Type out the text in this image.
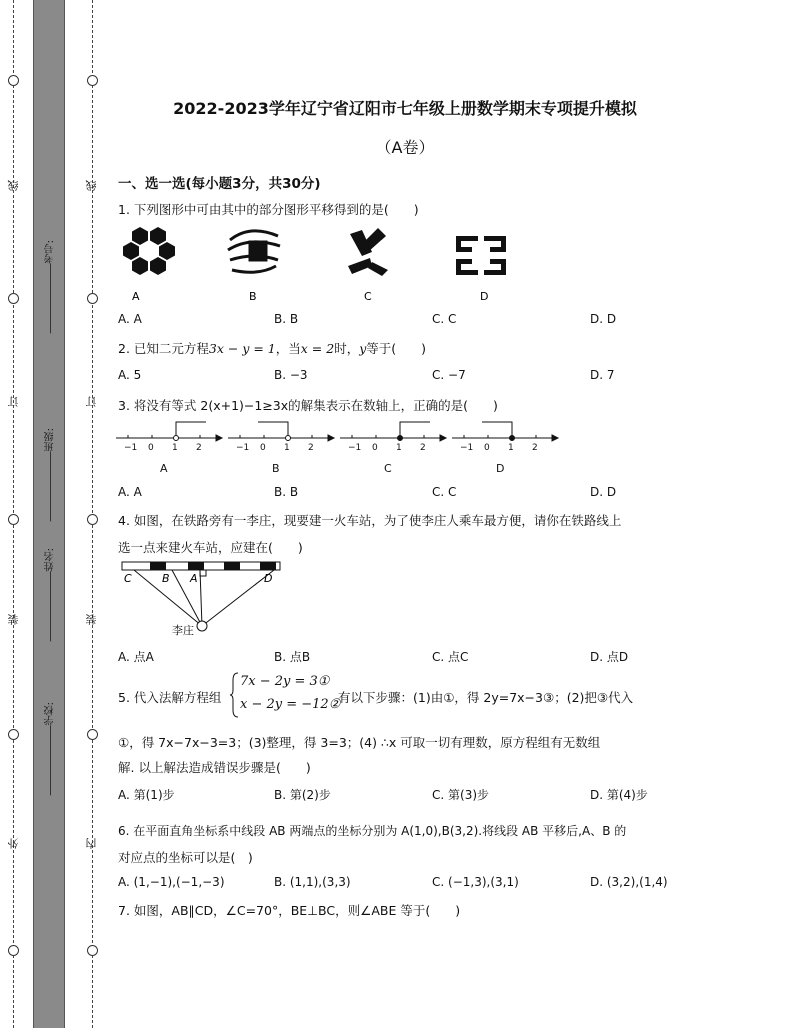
线
订
装
外
线
订
装
内
考号:
班级:
姓名:
学校:
2022-2023学年辽宁省辽阳市七年级上册数学期末专项提升模拟
（A卷）
一、选一选(每小题3分，共30分)
1. 下列图形中可由其中的部分图形平移得到的是(　　)
A	B	C	D
A. A	B. B	C. C	D. D
2. 已知二元方程3x − y = 1，当x = 2时，y等于(　　)
A. 5	B. −3	C. −7	D. 7
3. 将没有等式 2(x+1)−1≥3x的解集表示在数轴上，正确的是(　　)
−1 0 1 2
A
−1 0 1 2
B
−1 0 1 2
C
−1 0 1 2
D
A. A	B. B	C. C	D. D
4. 如图，在铁路旁有一李庄，现要建一火车站，为了使李庄人乘车最方便，请你在铁路线上
选一点来建火车站，应建在(　　)
C	B A	D
李庄
A. 点A	B. 点B	C. 点C	D. 点D
5. 代入法解方程组
7x − 2y = 3①
x − 2y = −12②
有以下步骤：(1)由①，得 2y=7x−3③；(2)把③代入
①，得 7x−7x−3=3；(3)整理，得 3=3；(4) ∴x 可取一切有理数，原方程组有无数组
解. 以上解法造成错误步骤是(　　)
A. 第(1)步	B. 第(2)步	C. 第(3)步	D. 第(4)步
6. 在平面直角坐标系中线段 AB 两端点的坐标分别为 A(1,0),B(3,2).将线段 AB 平移后,A、B 的
对应点的坐标可以是(　)
A. (1,−1),(−1,−3)	B. (1,1),(3,3)	C. (−1,3),(3,1)	D. (3,2),(1,4)
7. 如图，AB∥CD，∠C=70°，BE⊥BC，则∠ABE 等于(　　)
